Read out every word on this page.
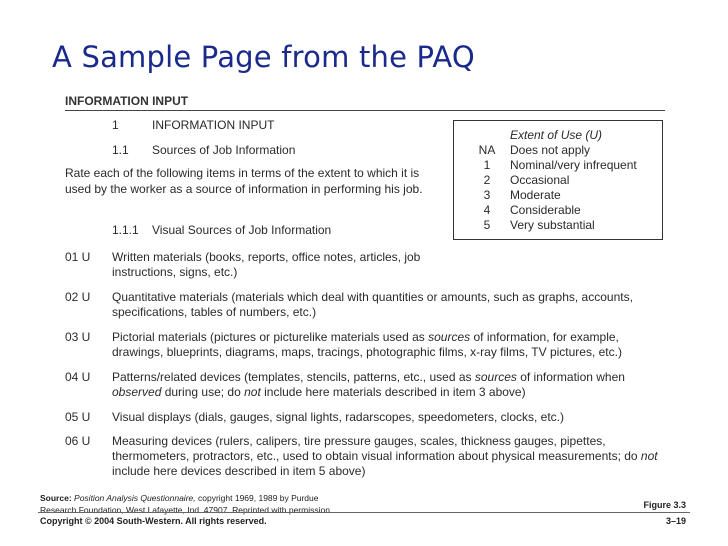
A Sample Page from the PAQ
INFORMATION INPUT
1	INFORMATION INPUT
1.1 Sources of Job Information
Rate each of the following items in terms of the extent to which it is used by the worker as a source of information in performing his job.
1.1.1 Visual Sources of Job Information
Extent of Use (U)
NA	Does not apply
1	Nominal/very infrequent
2	Occasional
3	Moderate
4	Considerable
5	Very substantial
01 U Written materials (books, reports, office notes, articles, job instructions, signs, etc.)
02 U Quantitative materials (materials which deal with quantities or amounts, such as graphs, accounts, specifications, tables of numbers, etc.)
03 U Pictorial materials (pictures or picturelike materials used as sources of information, for example, drawings, blueprints, diagrams, maps, tracings, photographic films, x-ray films, TV pictures, etc.)
04 U Patterns/related devices (templates, stencils, patterns, etc., used as sources of information when observed during use; do not include here materials described in item 3 above)
05 U Visual displays (dials, gauges, signal lights, radarscopes, speedometers, clocks, etc.)
06 U Measuring devices (rulers, calipers, tire pressure gauges, scales, thickness gauges, pipettes, thermometers, protractors, etc., used to obtain visual information about physical measurements; do not include here devices described in item 5 above)
Source: Position Analysis Questionnaire, copyright 1969, 1989 by Purdue
Research Foundation, West Lafayette, Ind. 47907. Reprinted with permission.	Figure 3.3
Copyright © 2004 South-Western. All rights reserved.	3–19
